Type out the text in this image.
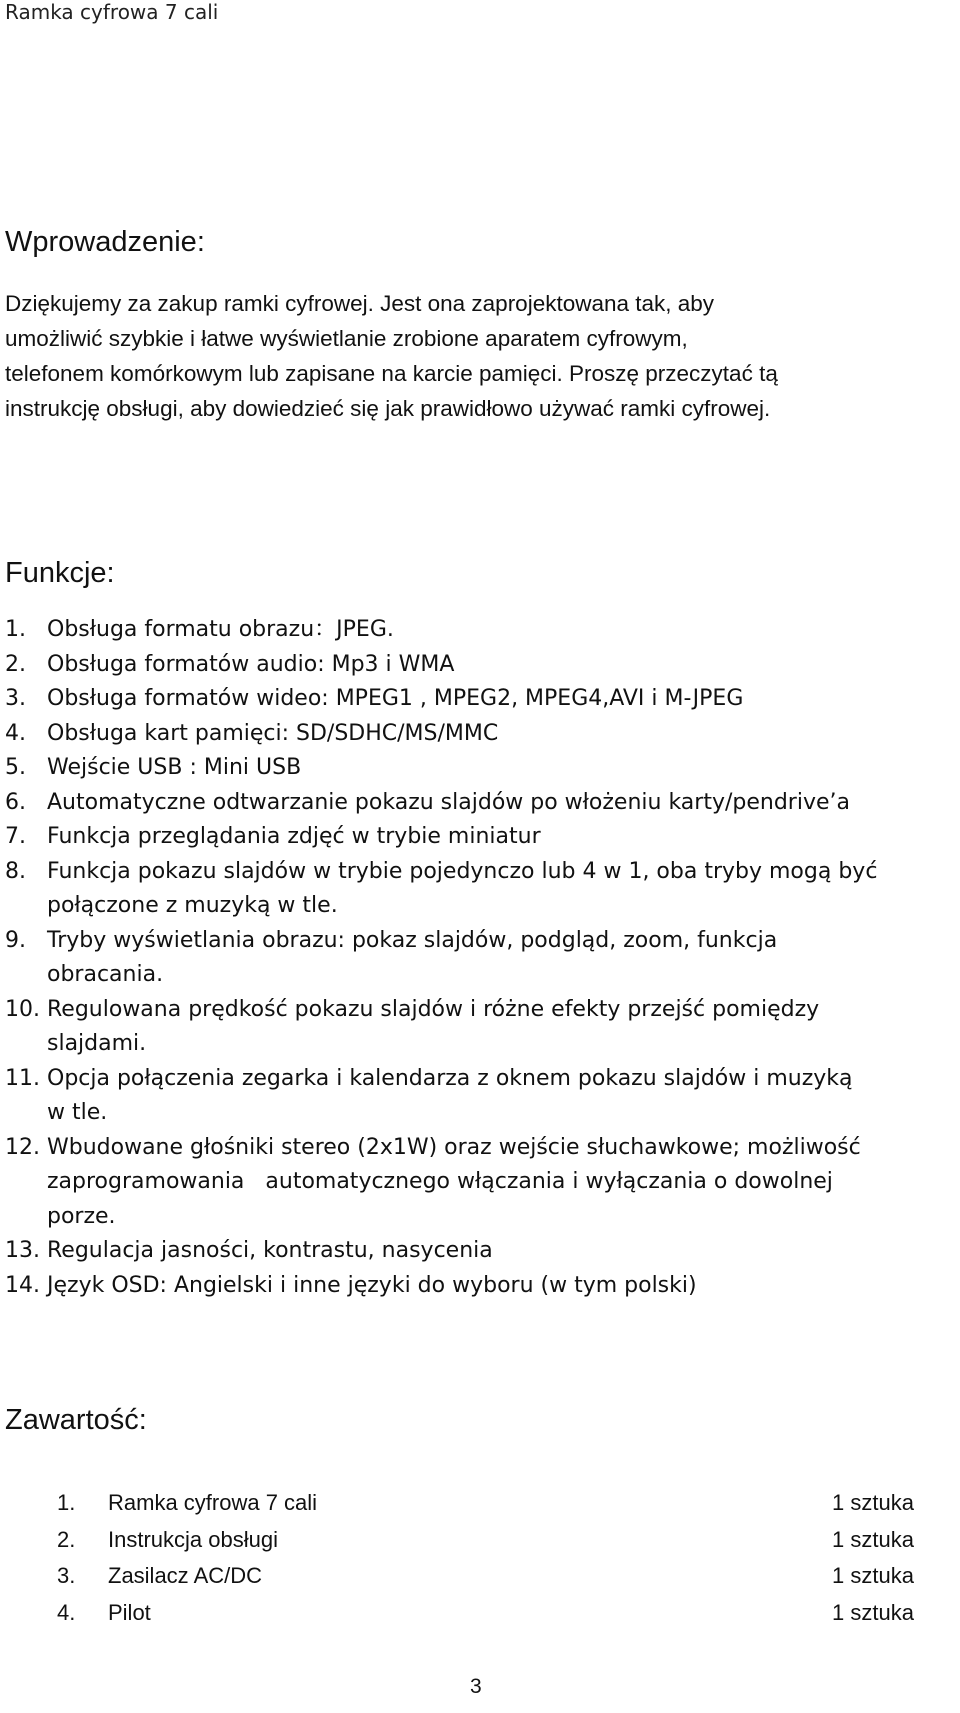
Ramka cyfrowa 7 cali
Wprowadzenie:
Dziękujemy za zakup ramki cyfrowej. Jest ona zaprojektowana tak, aby
umożliwić szybkie i łatwe wyświetlanie zrobione aparatem cyfrowym,
telefonem komórkowym lub zapisane na karcie pamięci. Proszę przeczytać tą
instrukcję obsługi, aby dowiedzieć się jak prawidłowo używać ramki cyfrowej.
Funkcje:
1. Obsługa formatu obrazu：JPEG.
2. Obsługa formatów audio: Mp3 i WMA
3. Obsługa formatów wideo: MPEG1 , MPEG2, MPEG4,AVI i M-JPEG
4. Obsługa kart pamięci: SD/SDHC/MS/MMC
5. Wejście USB : Mini USB
6. Automatyczne odtwarzanie pokazu slajdów po włożeniu karty/pendrive’a
7. Funkcja przeglądania zdjęć w trybie miniatur
8. Funkcja pokazu slajdów w trybie pojedynczo lub 4 w 1, oba tryby mogą być
połączone z muzyką w tle.
9. Tryby wyświetlania obrazu: pokaz slajdów, podgląd, zoom, funkcja
obracania.
10. Regulowana prędkość pokazu slajdów i różne efekty przejść pomiędzy
slajdami.
11. Opcja połączenia zegarka i kalendarza z oknem pokazu slajdów i muzyką
w tle.
12. Wbudowane głośniki stereo (2x1W) oraz wejście słuchawkowe; możliwość
zaprogramowania   automatycznego włączania i wyłączania o dowolnej
porze.
13. Regulacja jasności, kontrastu, nasycenia
14. Język OSD: Angielski i inne języki do wyboru (w tym polski)
Zawartość:
1. Ramka cyfrowa 7 cali	1 sztuka
2. Instrukcja obsługi	1 sztuka
3. Zasilacz AC/DC	1 sztuka
4. Pilot	1 sztuka
3
